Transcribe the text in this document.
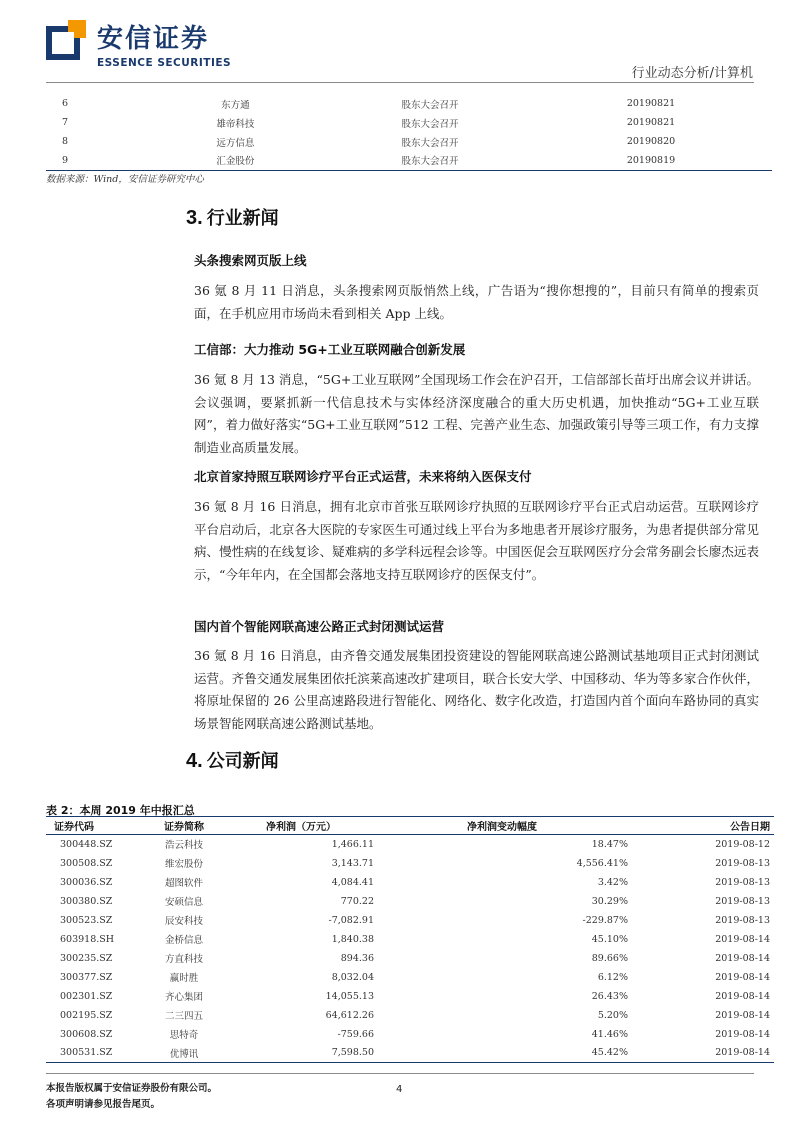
安信证券
ESSENCE SECURITIES
行业动态分析/计算机
6	东方通	股东大会召开	20190821
7	雄帝科技	股东大会召开	20190821
8	远方信息	股东大会召开	20190820
9	汇金股份	股东大会召开	20190819
数据来源：Wind，安信证券研究中心
3. 行业新闻
头条搜索网页版上线
36 氪 8 月 11 日消息，头条搜索网页版悄然上线，广告语为“搜你想搜的”，目前只有简单的搜索页面，在手机应用市场尚未看到相关 App 上线。
工信部：大力推动 5G+工业互联网融合创新发展
36 氪 8 月 13 消息，“5G+工业互联网”全国现场工作会在沪召开，工信部部长苗圩出席会议并讲话。会议强调，要紧抓新一代信息技术与实体经济深度融合的重大历史机遇，加快推动“5G+工业互联网”，着力做好落实“5G+工业互联网”512 工程、完善产业生态、加强政策引导等三项工作，有力支撑制造业高质量发展。
北京首家持照互联网诊疗平台正式运营，未来将纳入医保支付
36 氪 8 月 16 日消息，拥有北京市首张互联网诊疗执照的互联网诊疗平台正式启动运营。互联网诊疗平台启动后，北京各大医院的专家医生可通过线上平台为多地患者开展诊疗服务，为患者提供部分常见病、慢性病的在线复诊、疑难病的多学科远程会诊等。中国医促会互联网医疗分会常务副会长廖杰远表示，“今年年内，在全国都会落地支持互联网诊疗的医保支付”。
国内首个智能网联高速公路正式封闭测试运营
36 氪 8 月 16 日消息，由齐鲁交通发展集团投资建设的智能网联高速公路测试基地项目正式封闭测试运营。齐鲁交通发展集团依托滨莱高速改扩建项目，联合长安大学、中国移动、华为等多家合作伙伴，将原址保留的 26 公里高速路段进行智能化、网络化、数字化改造，打造国内首个面向车路协同的真实场景智能网联高速公路测试基地。
4. 公司新闻
表 2：本周 2019 年中报汇总
证券代码	证券简称	净利润（万元）	净利润变动幅度	公告日期
300448.SZ	浩云科技	1,466.11	18.47%	2019-08-12
300508.SZ	维宏股份	3,143.71	4,556.41%	2019-08-13
300036.SZ	超图软件	4,084.41	3.42%	2019-08-13
300380.SZ	安硕信息	770.22	30.29%	2019-08-13
300523.SZ	辰安科技	-7,082.91	-229.87%	2019-08-13
603918.SH	金桥信息	1,840.38	45.10%	2019-08-14
300235.SZ	方直科技	894.36	89.66%	2019-08-14
300377.SZ	赢时胜	8,032.04	6.12%	2019-08-14
002301.SZ	齐心集团	14,055.13	26.43%	2019-08-14
002195.SZ	二三四五	64,612.26	5.20%	2019-08-14
300608.SZ	思特奇	-759.66	41.46%	2019-08-14
300531.SZ	优博讯	7,598.50	45.42%	2019-08-14
本报告版权属于安信证券股份有限公司。
各项声明请参见报告尾页。
4
